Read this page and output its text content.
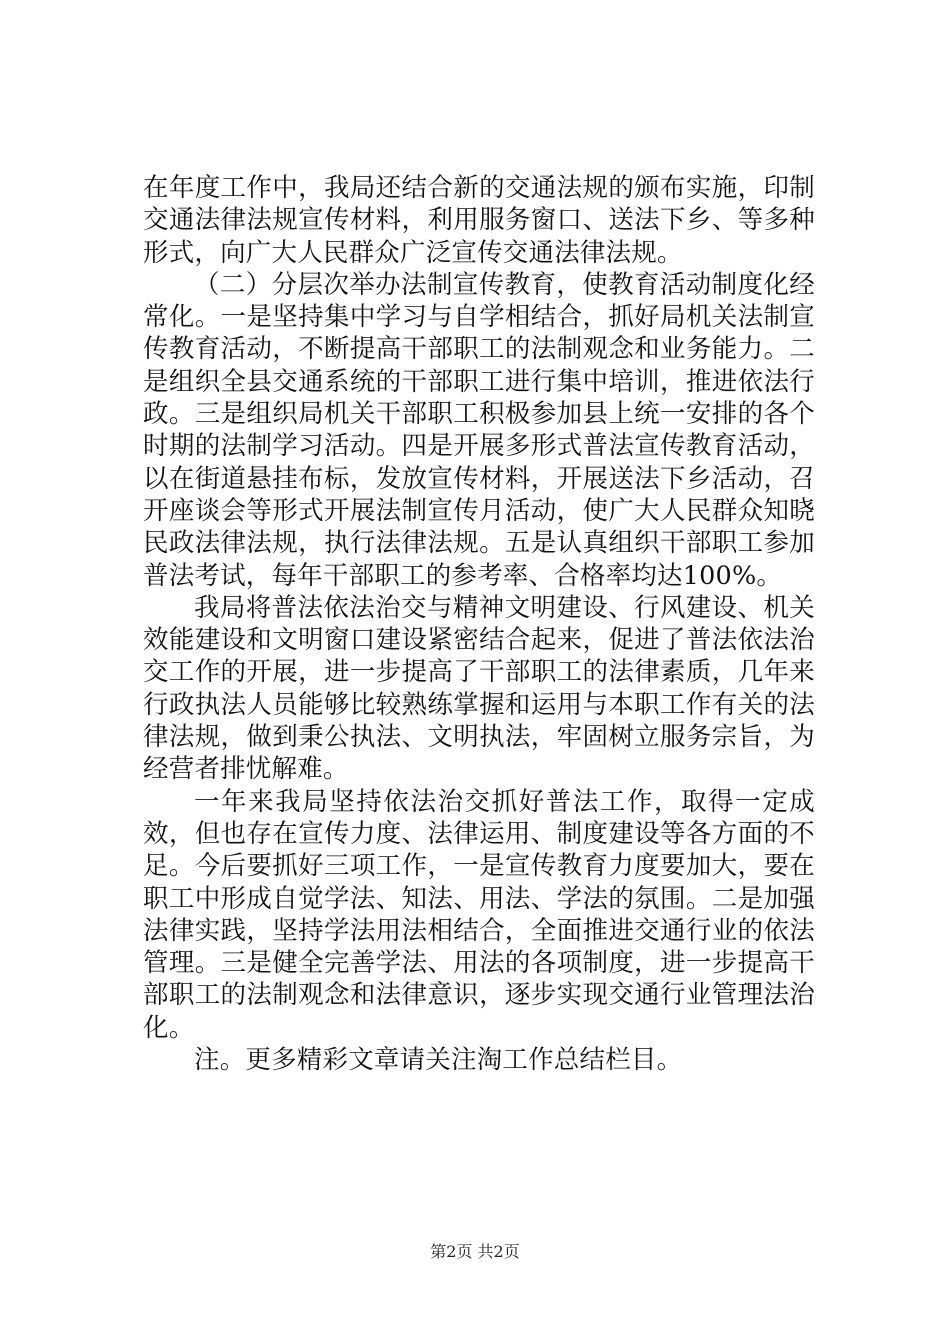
在年度工作中，我局还结合新的交通法规的颁布实施，印制交通法律法规宣传材料，利用服务窗口、送法下乡、等多种形式，向广大人民群众广泛宣传交通法律法规。

（二）分层次举办法制宣传教育，使教育活动制度化经常化。一是坚持集中学习与自学相结合，抓好局机关法制宣传教育活动，不断提高干部职工的法制观念和业务能力。二是组织全县交通系统的干部职工进行集中培训，推进依法行政。三是组织局机关干部职工积极参加县上统一安排的各个时期的法制学习活动。四是开展多形式普法宣传教育活动，以在街道悬挂布标，发放宣传材料，开展送法下乡活动，召开座谈会等形式开展法制宣传月活动，使广大人民群众知晓民政法律法规，执行法律法规。五是认真组织干部职工参加普法考试，每年干部职工的参考率、合格率均达100%。

我局将普法依法治交与精神文明建设、行风建设、机关效能建设和文明窗口建设紧密结合起来，促进了普法依法治交工作的开展，进一步提高了干部职工的法律素质，几年来行政执法人员能够比较熟练掌握和运用与本职工作有关的法律法规，做到秉公执法、文明执法，牢固树立服务宗旨，为经营者排忧解难。

一年来我局坚持依法治交抓好普法工作，取得一定成效，但也存在宣传力度、法律运用、制度建设等各方面的不足。今后要抓好三项工作，一是宣传教育力度要加大，要在职工中形成自觉学法、知法、用法、学法的氛围。二是加强法律实践，坚持学法用法相结合，全面推进交通行业的依法管理。三是健全完善学法、用法的各项制度，进一步提高干部职工的法制观念和法律意识，逐步实现交通行业管理法治化。

注。更多精彩文章请关注淘工作总结栏目。

第2页 共2页
